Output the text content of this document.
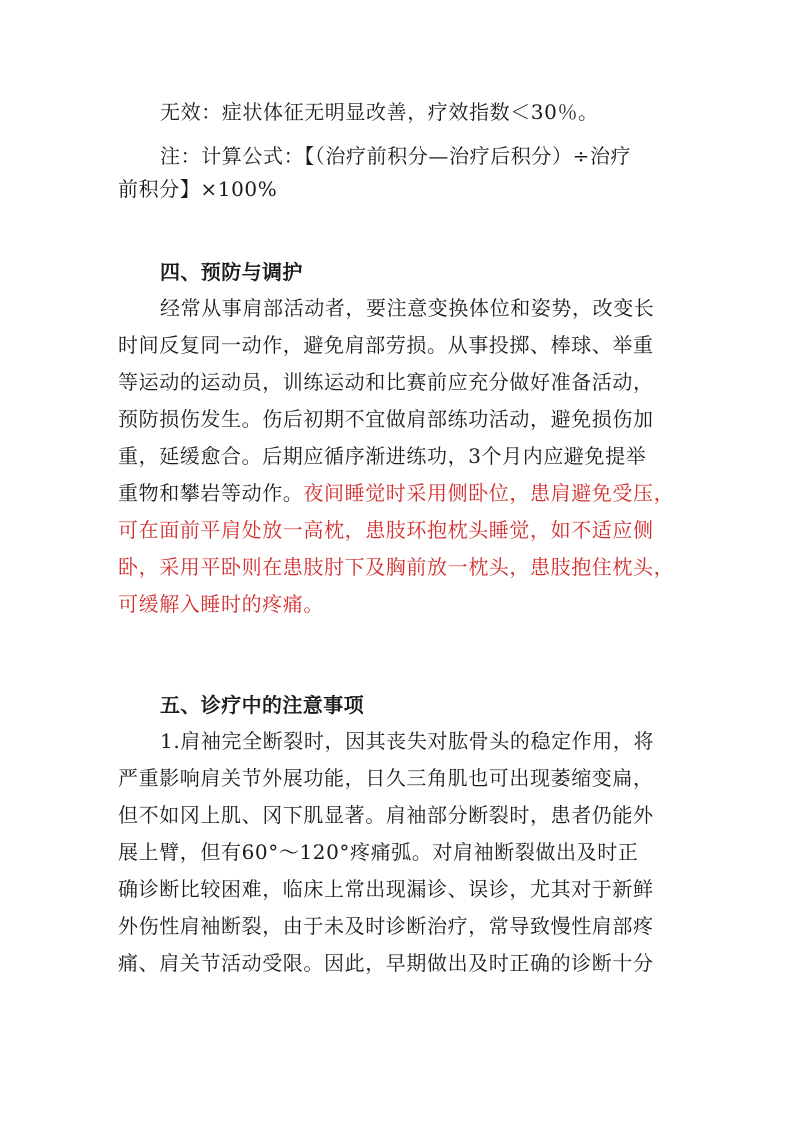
无效：症状体征无明显改善，疗效指数＜30％。
注：计算公式：【（治疗前积分—治疗后积分）÷治疗
前积分】×100%
四、预防与调护
经常从事肩部活动者，要注意变换体位和姿势，改变长
时间反复同一动作，避免肩部劳损。从事投掷、棒球、举重
等运动的运动员，训练运动和比赛前应充分做好准备活动，
预防损伤发生。伤后初期不宜做肩部练功活动，避免损伤加
重，延缓愈合。后期应循序渐进练功，3个月内应避免提举
重物和攀岩等动作。夜间睡觉时采用侧卧位，患肩避免受压，
可在面前平肩处放一高枕，患肢环抱枕头睡觉，如不适应侧
卧，采用平卧则在患肢肘下及胸前放一枕头，患肢抱住枕头，
可缓解入睡时的疼痛。
五、诊疗中的注意事项
1.肩袖完全断裂时，因其丧失对肱骨头的稳定作用，将
严重影响肩关节外展功能，日久三角肌也可出现萎缩变扁，
但不如冈上肌、冈下肌显著。肩袖部分断裂时，患者仍能外
展上臂，但有60°～120°疼痛弧。对肩袖断裂做出及时正
确诊断比较困难，临床上常出现漏诊、误诊，尤其对于新鲜
外伤性肩袖断裂，由于未及时诊断治疗，常导致慢性肩部疼
痛、肩关节活动受限。因此，早期做出及时正确的诊断十分
